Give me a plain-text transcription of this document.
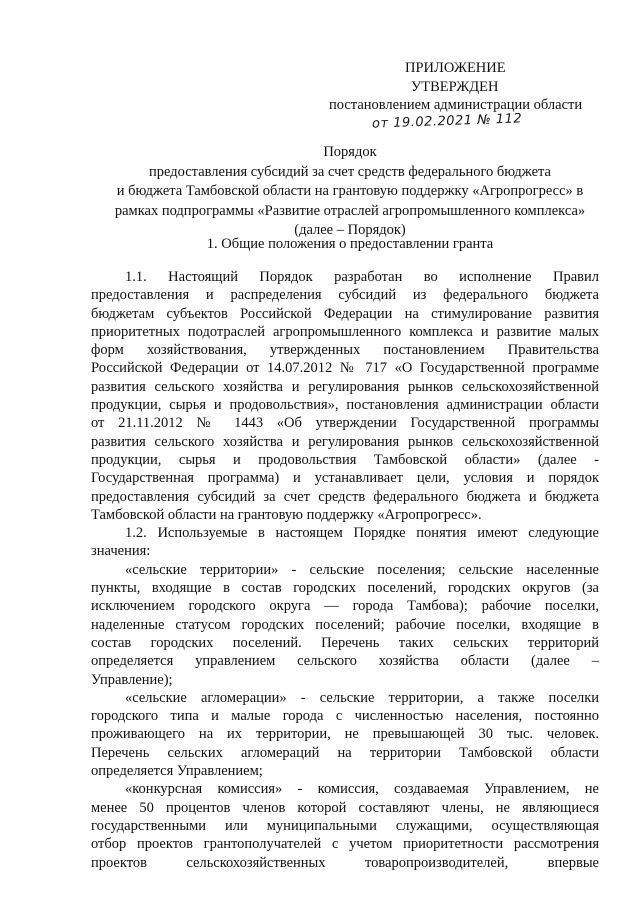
ПРИЛОЖЕНИЕ
УТВЕРЖДЕН
постановлением администрации области
от 19.02.2021 № 112
Порядок
предоставления субсидий за счет средств федерального бюджета
и бюджета Тамбовской области на грантовую поддержку «Агропрогресс» в
рамках подпрограммы «Развитие отраслей агропромышленного комплекса»
(далее – Порядок)
1. Общие положения о предоставлении гранта
1.1. Настоящий Порядок разработан во исполнение Правил
предоставления и распределения субсидий из федерального бюджета
бюджетам субъектов Российской Федерации на стимулирование развития
приоритетных подотраслей агропромышленного комплекса и развитие малых
форм хозяйствования, утвержденных постановлением Правительства
Российской Федерации от 14.07.2012 № 717 «О Государственной программе
развития сельского хозяйства и регулирования рынков сельскохозяйственной
продукции, сырья и продовольствия», постановления администрации области
от 21.11.2012 № 1443 «Об утверждении Государственной программы
развития сельского хозяйства и регулирования рынков сельскохозяйственной
продукции, сырья и продовольствия Тамбовской области» (далее -
Государственная программа) и устанавливает цели, условия и порядок
предоставления субсидий за счет средств федерального бюджета и бюджета
Тамбовской области на грантовую поддержку «Агропрогресс».
1.2. Используемые в настоящем Порядке понятия имеют следующие
значения:
«сельские территории» - сельские поселения; сельские населенные
пункты, входящие в состав городских поселений, городских округов (за
исключением городского округа — города Тамбова); рабочие поселки,
наделенные статусом городских поселений; рабочие поселки, входящие в
состав городских поселений. Перечень таких сельских территорий
определяется управлением сельского хозяйства области (далее –
Управление);
«сельские агломерации» - сельские территории, а также поселки
городского типа и малые города с численностью населения, постоянно
проживающего на их территории, не превышающей 30 тыс. человек.
Перечень сельских агломераций на территории Тамбовской области
определяется Управлением;
«конкурсная комиссия» - комиссия, создаваемая Управлением, не
менее 50 процентов членов которой составляют члены, не являющиеся
государственными или муниципальными служащими, осуществляющая
отбор проектов грантополучателей с учетом приоритетности рассмотрения
проектов сельскохозяйственных товаропроизводителей, впервые
